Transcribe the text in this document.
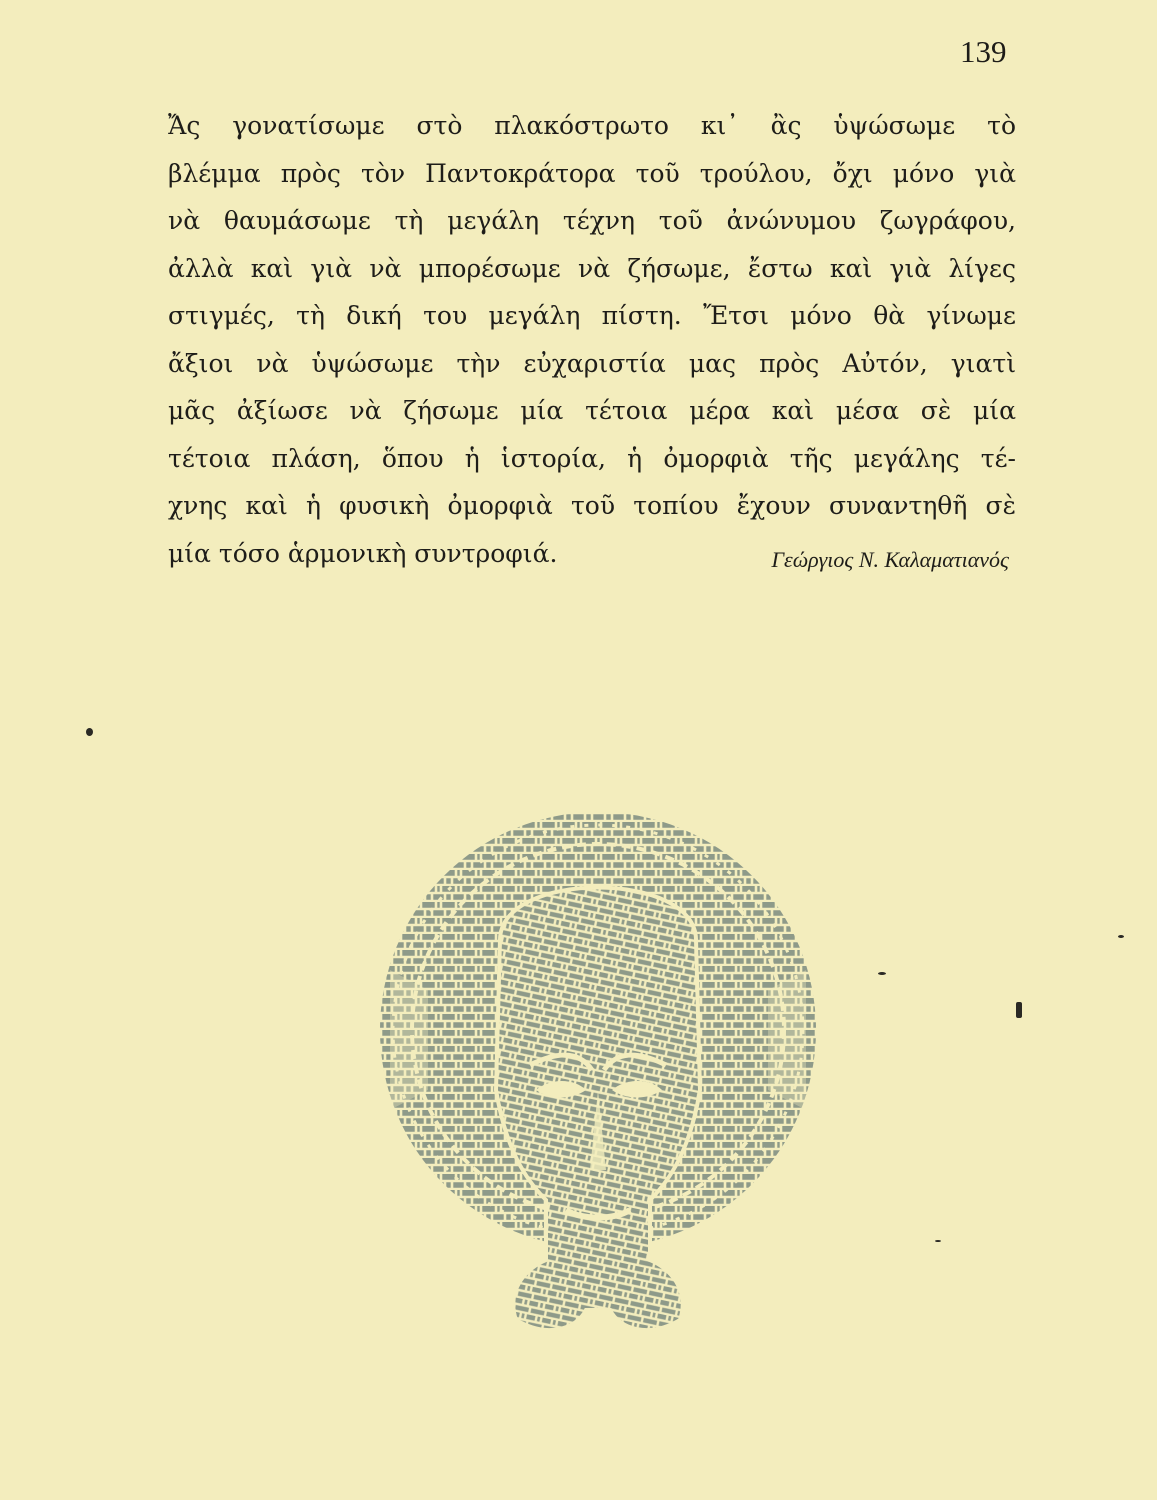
139
Ἄς γονατίσωμε στὸ πλακόστρωτο κι᾿ ἂς ὑψώσωμε τὸ
βλέμμα πρὸς τὸν Παντοκράτορα τοῦ τρούλου, ὄχι μόνο γιὰ
νὰ θαυμάσωμε τὴ μεγάλη τέχνη τοῦ ἀνώνυμου ζωγράφου,
ἀλλὰ καὶ γιὰ νὰ μπορέσωμε νὰ ζήσωμε, ἔστω καὶ γιὰ λίγες
στιγμές, τὴ δική του μεγάλη πίστη. Ἔτσι μόνο θὰ γίνωμε
ἄξιοι νὰ ὑψώσωμε τὴν εὐχαριστία μας πρὸς Αὐτόν, γιατὶ
μᾶς ἀξίωσε νὰ ζήσωμε μία τέτοια μέρα καὶ μέσα σὲ μία
τέτοια πλάση, ὅπου ἡ ἱστορία, ἡ ὀμορφιὰ τῆς μεγάλης τέ-
χνης καὶ ἡ φυσικὴ ὀμορφιὰ τοῦ τοπίου ἔχουν συναντηθῆ σὲ
μία τόσο ἁρμονικὴ συντροφιά.	Γεώργιος Ν. Καλαματιανός
